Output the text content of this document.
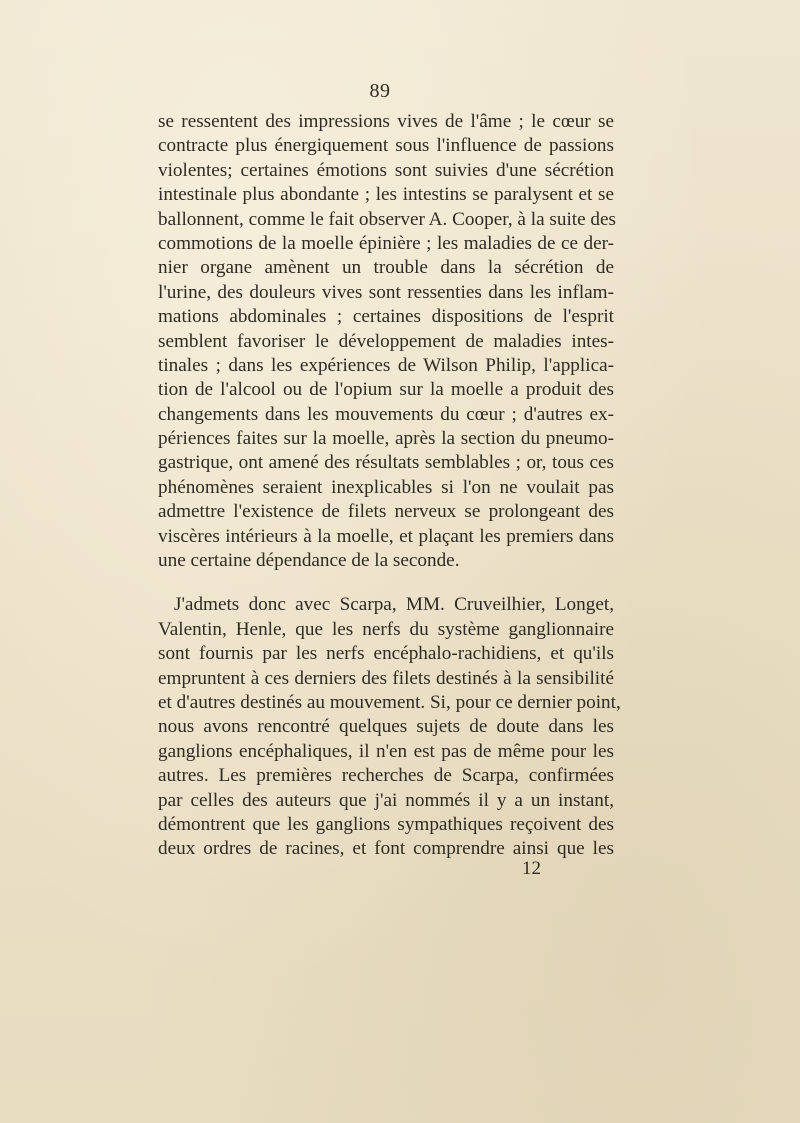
89
se ressentent des impressions vives de l'âme ; le cœur se
contracte plus énergiquement sous l'influence de passions
violentes; certaines émotions sont suivies d'une sécrétion
intestinale plus abondante ; les intestins se paralysent et se
ballonnent, comme le fait observer A. Cooper, à la suite des
commotions de la moelle épinière ; les maladies de ce der-
nier organe amènent un trouble dans la sécrétion de
l'urine, des douleurs vives sont ressenties dans les inflam-
mations abdominales ; certaines dispositions de l'esprit
semblent favoriser le développement de maladies intes-
tinales ; dans les expériences de Wilson Philip, l'applica-
tion de l'alcool ou de l'opium sur la moelle a produit des
changements dans les mouvements du cœur ; d'autres ex-
périences faites sur la moelle, après la section du pneumo-
gastrique, ont amené des résultats semblables ; or, tous ces
phénomènes seraient inexplicables si l'on ne voulait pas
admettre l'existence de filets nerveux se prolongeant des
viscères intérieurs à la moelle, et plaçant les premiers dans
une certaine dépendance de la seconde.
J'admets donc avec Scarpa, MM. Cruveilhier, Longet,
Valentin, Henle, que les nerfs du système ganglionnaire
sont fournis par les nerfs encéphalo-rachidiens, et qu'ils
empruntent à ces derniers des filets destinés à la sensibilité
et d'autres destinés au mouvement. Si, pour ce dernier point,
nous avons rencontré quelques sujets de doute dans les
ganglions encéphaliques, il n'en est pas de même pour les
autres. Les premières recherches de Scarpa, confirmées
par celles des auteurs que j'ai nommés il y a un instant,
démontrent que les ganglions sympathiques reçoivent des
deux ordres de racines, et font comprendre ainsi que les
12
